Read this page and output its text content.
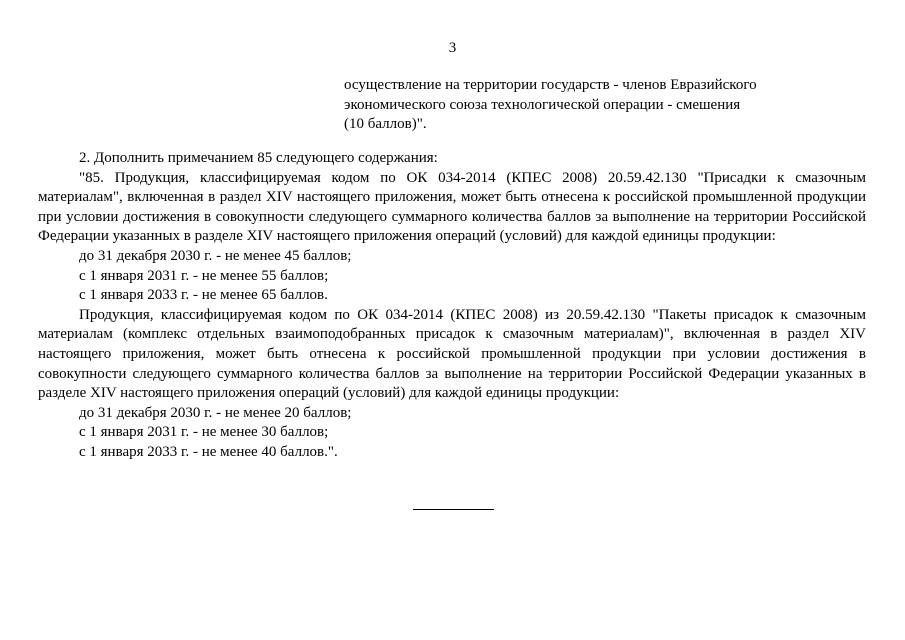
3
осуществление на территории государств - членов Евразийского
экономического союза технологической операции - смешения
(10 баллов)".

2. Дополнить примечанием 85 следующего содержания:

"85. Продукция, классифицируемая кодом по ОК 034-2014 (КПЕС 2008) 20.59.42.130 "Присадки к смазочным материалам", включенная в раздел XIV настоящего приложения, может быть отнесена к российской промышленной продукции при условии достижения в совокупности следующего суммарного количества баллов за выполнение на территории Российской Федерации указанных в разделе XIV настоящего приложения операций (условий) для каждой единицы продукции:

до 31 декабря 2030 г. - не менее 45 баллов;

с 1 января 2031 г. - не менее 55 баллов;

с 1 января 2033 г. - не менее 65 баллов.

Продукция, классифицируемая кодом по ОК 034-2014 (КПЕС 2008) из 20.59.42.130 "Пакеты присадок к смазочным материалам (комплекс отдельных взаимоподобранных присадок к смазочным материалам)", включенная в раздел XIV настоящего приложения, может быть отнесена к российской промышленной продукции при условии достижения в совокупности следующего суммарного количества баллов за выполнение на территории Российской Федерации указанных в разделе XIV настоящего приложения операций (условий) для каждой единицы продукции:

до 31 декабря 2030 г. - не менее 20 баллов;

с 1 января 2031 г. - не менее 30 баллов;

с 1 января 2033 г. - не менее 40 баллов.".
